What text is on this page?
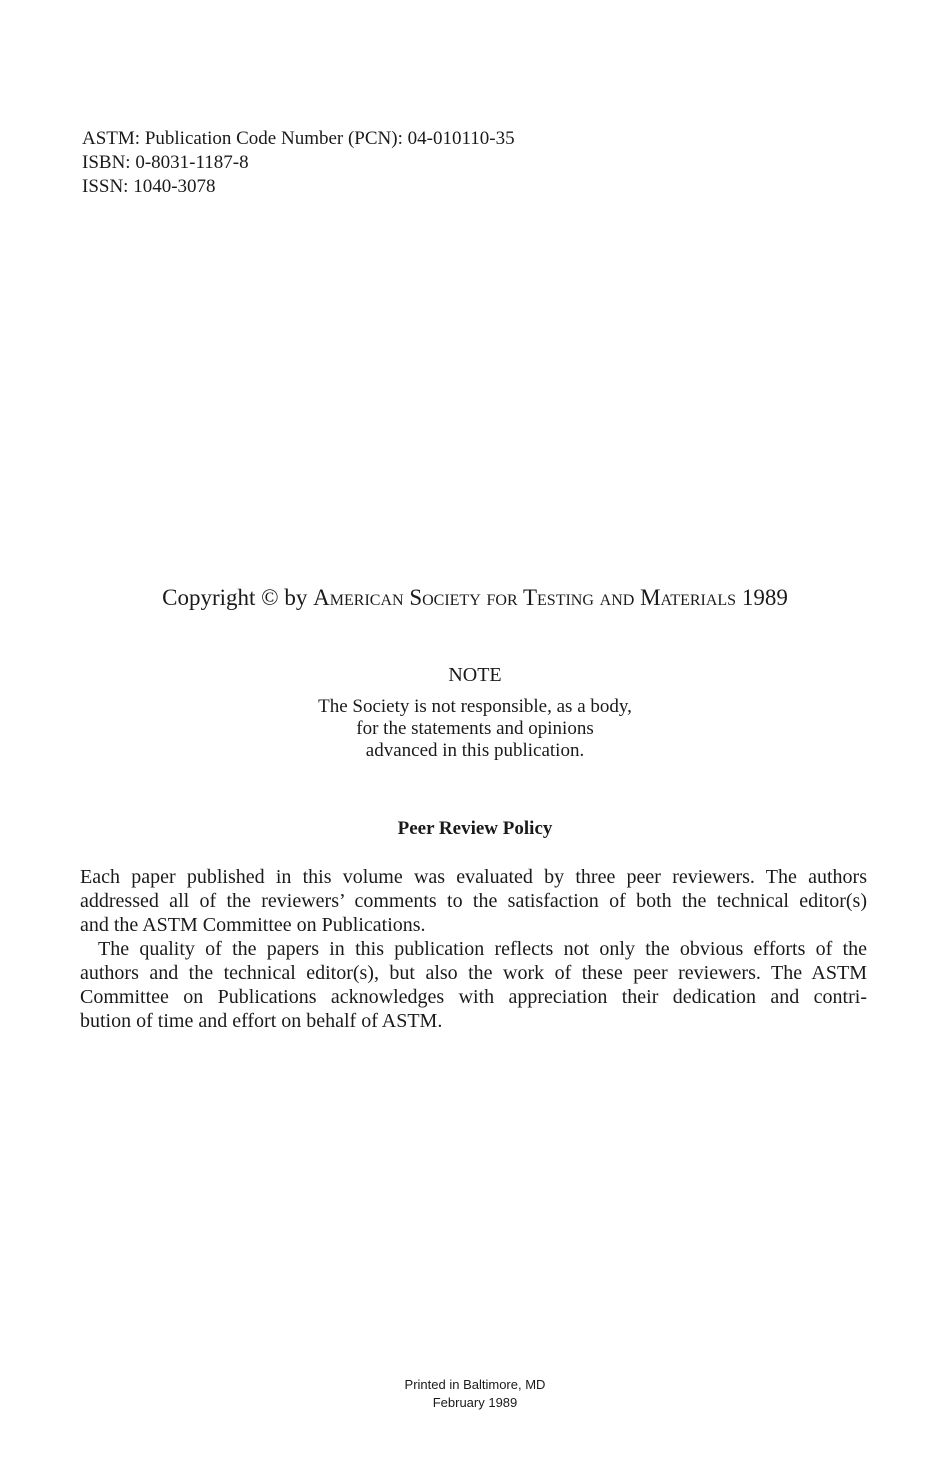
ASTM: Publication Code Number (PCN): 04-010110-35
ISBN: 0-8031-1187-8
ISSN: 1040-3078
Copyright © by American Society for Testing and Materials 1989
NOTE
The Society is not responsible, as a body,
for the statements and opinions
advanced in this publication.
Peer Review Policy
Each paper published in this volume was evaluated by three peer reviewers. The authors
addressed all of the reviewers’ comments to the satisfaction of both the technical editor(s)
and the ASTM Committee on Publications.
The quality of the papers in this publication reflects not only the obvious efforts of the
authors and the technical editor(s), but also the work of these peer reviewers. The ASTM
Committee on Publications acknowledges with appreciation their dedication and contri-
bution of time and effort on behalf of ASTM.
Printed in Baltimore, MD
February 1989
